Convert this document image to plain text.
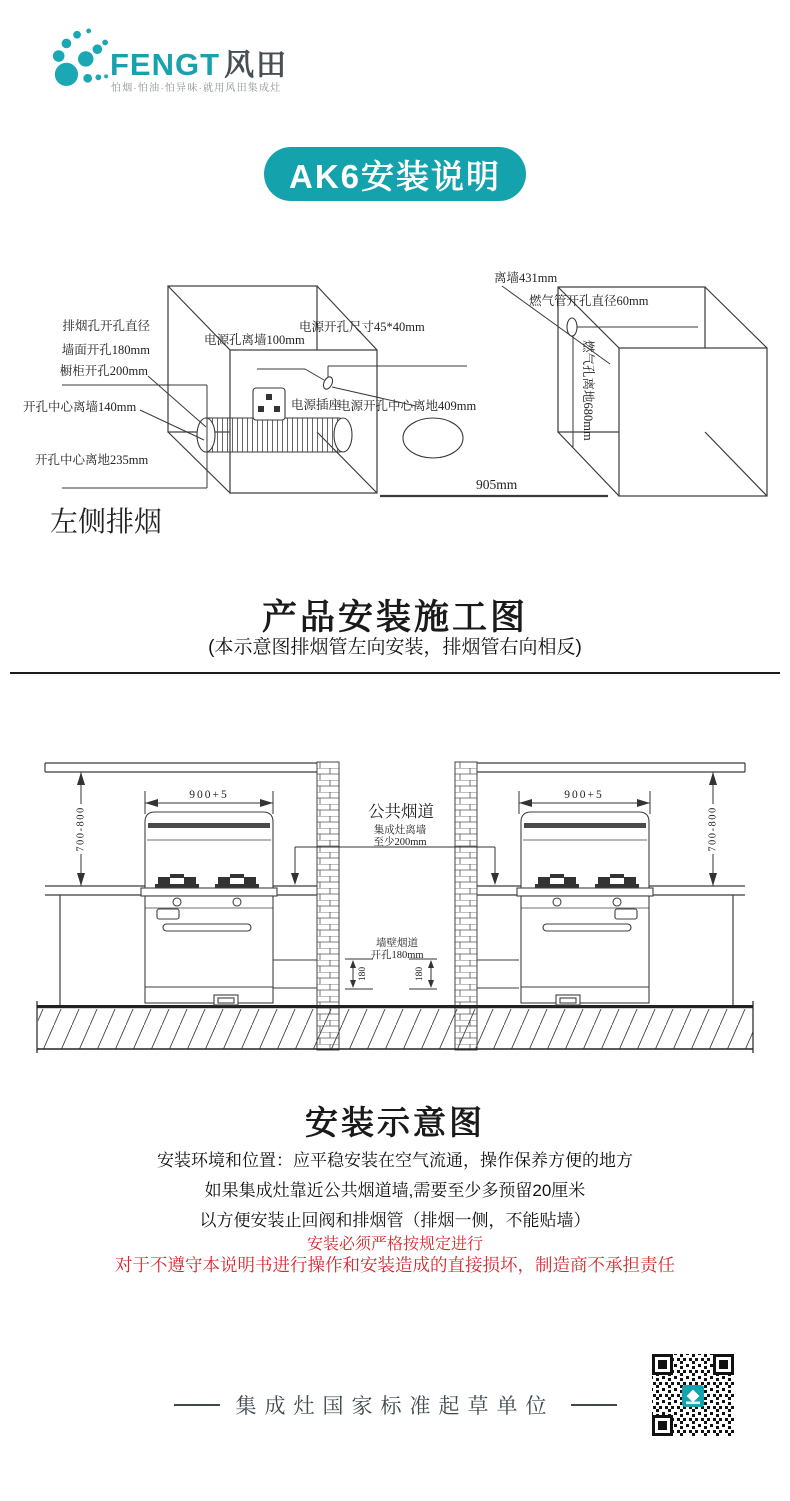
FENGT 风田
怕烟·怕油·怕异味·就用风田集成灶
AK6安装说明
排烟孔开孔直径
墙面开孔180mm
橱柜开孔200mm
开孔中心离墙140mm
开孔中心离地235mm
电源孔离墙100mm
电源开孔尺寸45*40mm
电源插座
电源开孔中心离地409mm
左侧排烟
离墙431mm
燃气管开孔直径60mm
燃气孔离地680mm
905mm
产品安装施工图
(本示意图排烟管左向安装，排烟管右向相反)
900+5	900+5
700-800	700-800
公共烟道
集成灶离墙
至少200mm
墙壁烟道
开孔180mm
180	180
安装示意图
安装环境和位置：应平稳安装在空气流通，操作保养方便的地方
如果集成灶靠近公共烟道墙,需要至少多预留20厘米
以方便安装止回阀和排烟管（排烟一侧，不能贴墙）
安装必须严格按规定进行
对于不遵守本说明书进行操作和安装造成的直接损坏，制造商不承担责任
集成灶国家标准起草单位
